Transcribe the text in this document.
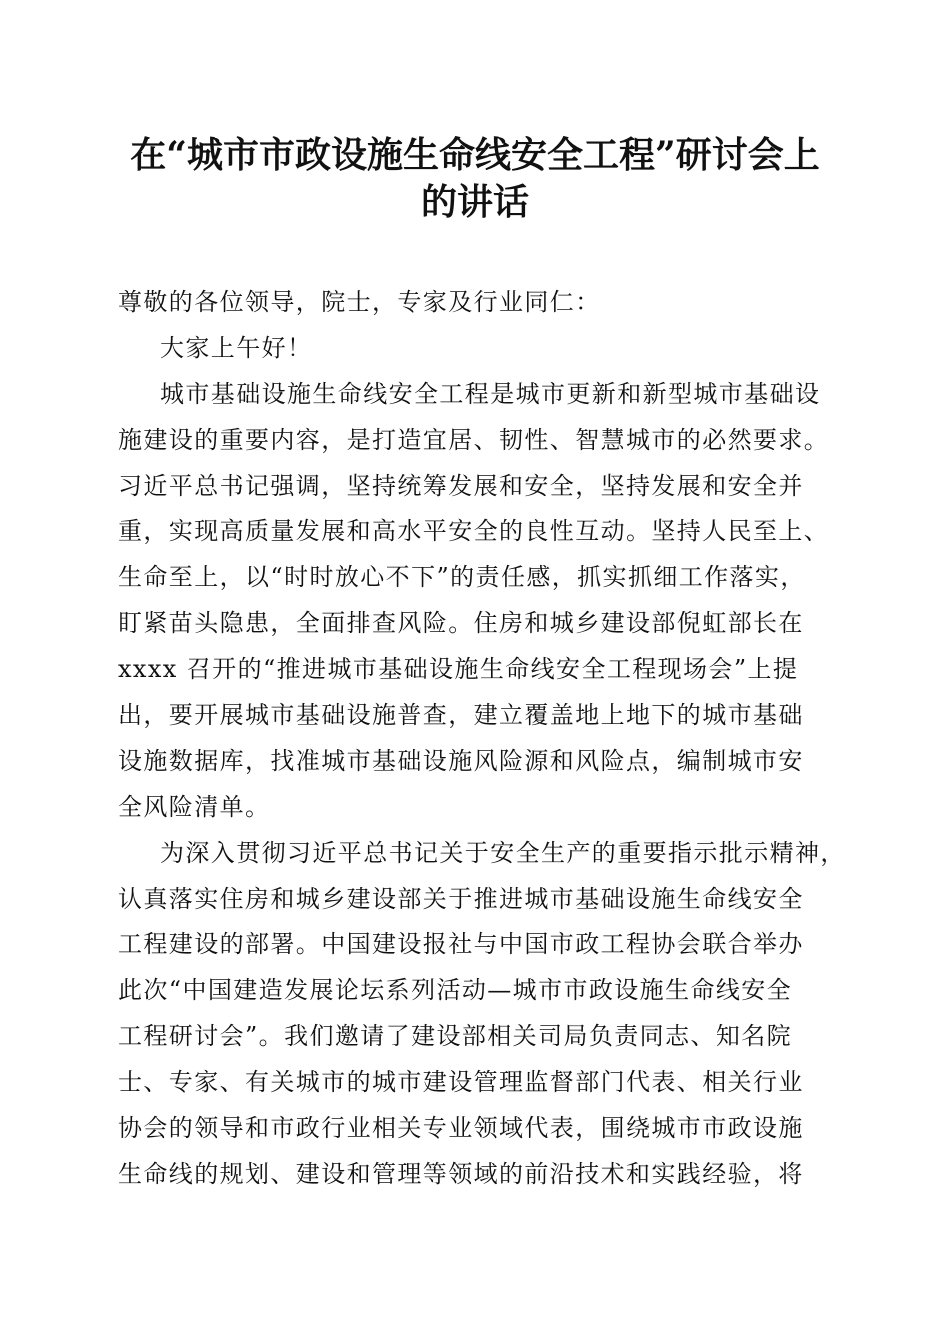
在“城市市政设施生命线安全工程”研讨会上
的讲话
尊敬的各位领导，院士，专家及行业同仁：
大家上午好！
城市基础设施生命线安全工程是城市更新和新型城市基础设
施建设的重要内容，是打造宜居、韧性、智慧城市的必然要求。
习近平总书记强调，坚持统筹发展和安全，坚持发展和安全并
重，实现高质量发展和高水平安全的良性互动。坚持人民至上、
生命至上，以“时时放心不下”的责任感，抓实抓细工作落实，
盯紧苗头隐患，全面排查风险。住房和城乡建设部倪虹部长在
xxxx 召开的“推进城市基础设施生命线安全工程现场会”上提
出，要开展城市基础设施普查，建立覆盖地上地下的城市基础
设施数据库，找准城市基础设施风险源和风险点，编制城市安
全风险清单。
为深入贯彻习近平总书记关于安全生产的重要指示批示精神，
认真落实住房和城乡建设部关于推进城市基础设施生命线安全
工程建设的部署。中国建设报社与中国市政工程协会联合举办
此次“中国建造发展论坛系列活动—城市市政设施生命线安全
工程研讨会”。我们邀请了建设部相关司局负责同志、知名院
士、专家、有关城市的城市建设管理监督部门代表、相关行业
协会的领导和市政行业相关专业领域代表，围绕城市市政设施
生命线的规划、建设和管理等领域的前沿技术和实践经验，将
